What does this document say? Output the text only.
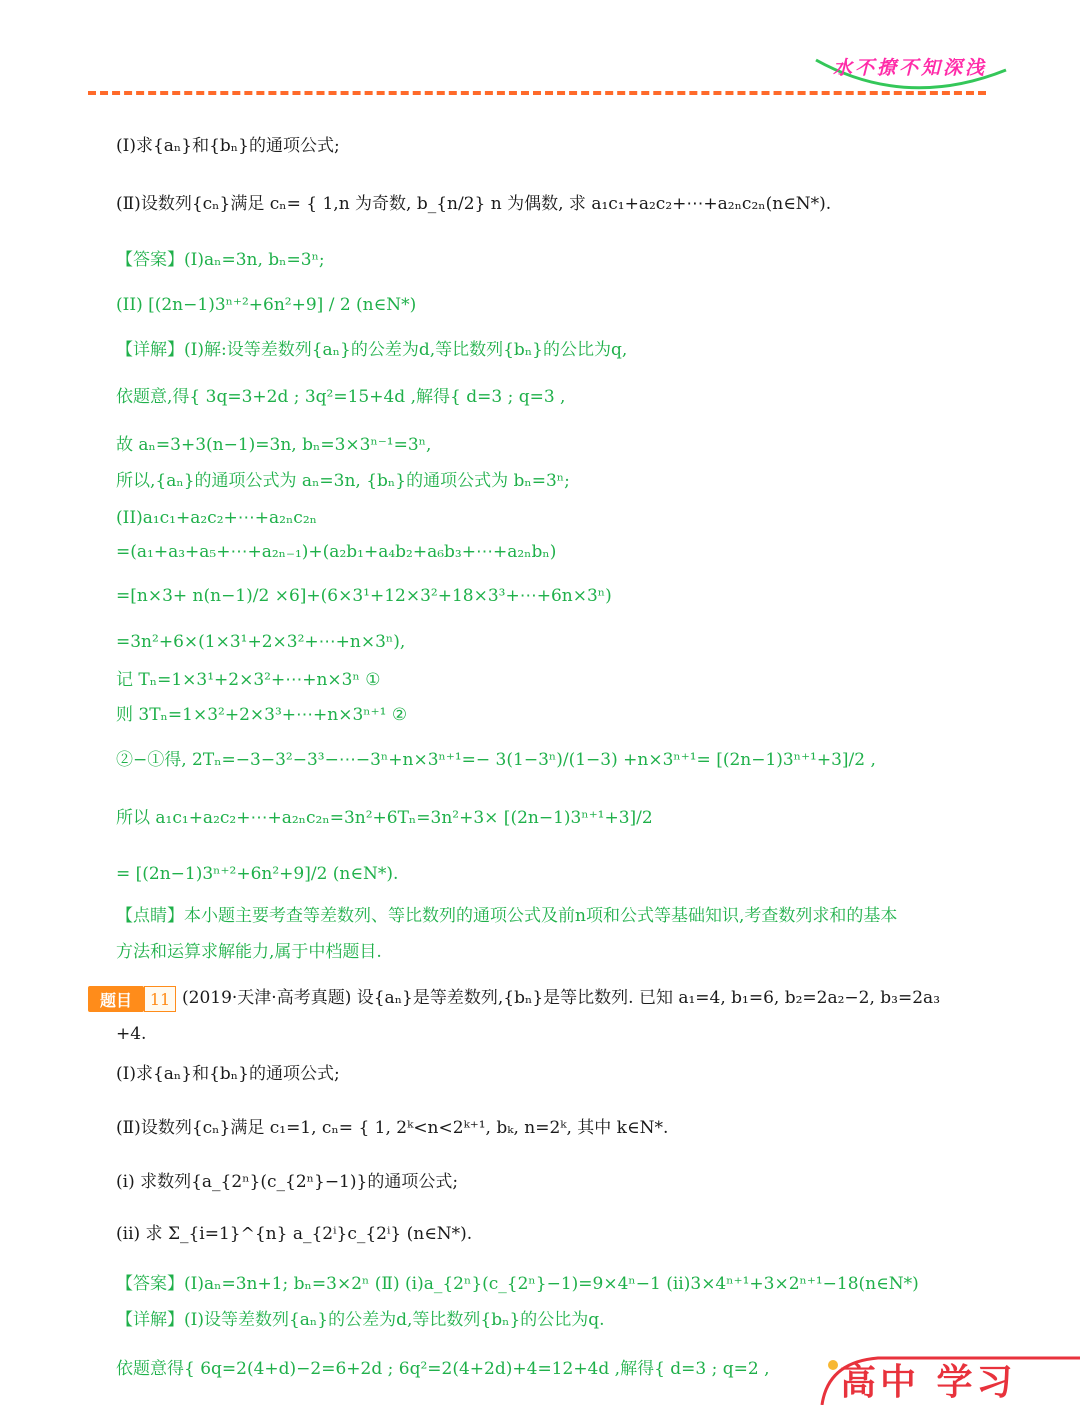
水不撩不知深浅
(Ⅰ)求{aₙ}和{bₙ}的通项公式;
(Ⅱ)设数列{cₙ}满足 cₙ= { 1,n 为奇数, b_{n/2} n 为偶数, 求 a₁c₁+a₂c₂+⋯+a₂ₙc₂ₙ(n∈N*).
【答案】(I)aₙ=3n, bₙ=3ⁿ;
(II) [(2n−1)3ⁿ⁺²+6n²+9] / 2 (n∈N*)
【详解】(I)解:设等差数列{aₙ}的公差为d,等比数列{bₙ}的公比为q,
依题意,得{ 3q=3+2d ; 3q²=15+4d ,解得{ d=3 ; q=3 ,
故 aₙ=3+3(n−1)=3n, bₙ=3×3ⁿ⁻¹=3ⁿ,
所以,{aₙ}的通项公式为 aₙ=3n, {bₙ}的通项公式为 bₙ=3ⁿ;
(II)a₁c₁+a₂c₂+⋯+a₂ₙc₂ₙ
=(a₁+a₃+a₅+⋯+a₂ₙ₋₁)+(a₂b₁+a₄b₂+a₆b₃+⋯+a₂ₙbₙ)
=[n×3+ n(n−1)/2 ×6]+(6×3¹+12×3²+18×3³+⋯+6n×3ⁿ)
=3n²+6×(1×3¹+2×3²+⋯+n×3ⁿ),
记 Tₙ=1×3¹+2×3²+⋯+n×3ⁿ ①
则 3Tₙ=1×3²+2×3³+⋯+n×3ⁿ⁺¹ ②
②−①得, 2Tₙ=−3−3²−3³−⋯−3ⁿ+n×3ⁿ⁺¹=− 3(1−3ⁿ)/(1−3) +n×3ⁿ⁺¹= [(2n−1)3ⁿ⁺¹+3]/2 ,
所以 a₁c₁+a₂c₂+⋯+a₂ₙc₂ₙ=3n²+6Tₙ=3n²+3× [(2n−1)3ⁿ⁺¹+3]/2
= [(2n−1)3ⁿ⁺²+6n²+9]/2 (n∈N*).
【点睛】本小题主要考查等差数列、等比数列的通项公式及前n项和公式等基础知识,考查数列求和的基本
方法和运算求解能力,属于中档题目.
题目	11 (2019·天津·高考真题) 设{aₙ}是等差数列,{bₙ}是等比数列. 已知 a₁=4, b₁=6, b₂=2a₂−2, b₃=2a₃
+4.
(Ⅰ)求{aₙ}和{bₙ}的通项公式;
(Ⅱ)设数列{cₙ}满足 c₁=1, cₙ= { 1, 2ᵏ<n<2ᵏ⁺¹, bₖ, n=2ᵏ, 其中 k∈N*.
(i) 求数列{a_{2ⁿ}(c_{2ⁿ}−1)}的通项公式;
(ii) 求 Σ_{i=1}^{n} a_{2ⁱ}c_{2ⁱ} (n∈N*).
【答案】(Ⅰ)aₙ=3n+1; bₙ=3×2ⁿ (Ⅱ) (i)a_{2ⁿ}(c_{2ⁿ}−1)=9×4ⁿ−1 (ii)3×4ⁿ⁺¹+3×2ⁿ⁺¹−18(n∈N*)
【详解】(Ⅰ)设等差数列{aₙ}的公差为d,等比数列{bₙ}的公比为q.
依题意得{ 6q=2(4+d)−2=6+2d ; 6q²=2(4+2d)+4=12+4d ,解得{ d=3 ; q=2 , 高中 学习
